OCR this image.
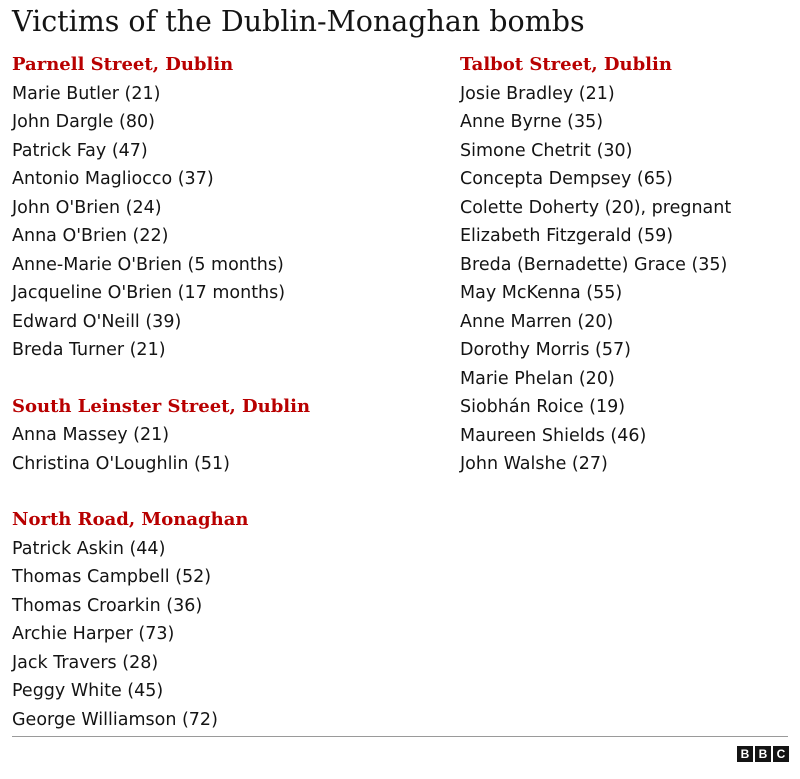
Victims of the Dublin-Monaghan bombs
Parnell Street, Dublin
Marie Butler (21)
John Dargle (80)
Patrick Fay (47)
Antonio Magliocco (37)
John O'Brien (24)
Anna O'Brien (22)
Anne-Marie O'Brien (5 months)
Jacqueline O'Brien (17 months)
Edward O'Neill (39)
Breda Turner (21)
South Leinster Street, Dublin
Anna Massey (21)
Christina O'Loughlin (51)
North Road, Monaghan
Patrick Askin (44)
Thomas Campbell (52)
Thomas Croarkin (36)
Archie Harper (73)
Jack Travers (28)
Peggy White (45)
George Williamson (72)
Talbot Street, Dublin
Josie Bradley (21)
Anne Byrne (35)
Simone Chetrit (30)
Concepta Dempsey (65)
Colette Doherty (20), pregnant
Elizabeth Fitzgerald (59)
Breda (Bernadette) Grace (35)
May McKenna (55)
Anne Marren (20)
Dorothy Morris (57)
Marie Phelan (20)
Siobhán Roice (19)
Maureen Shields (46)
John Walshe (27)
B B C
